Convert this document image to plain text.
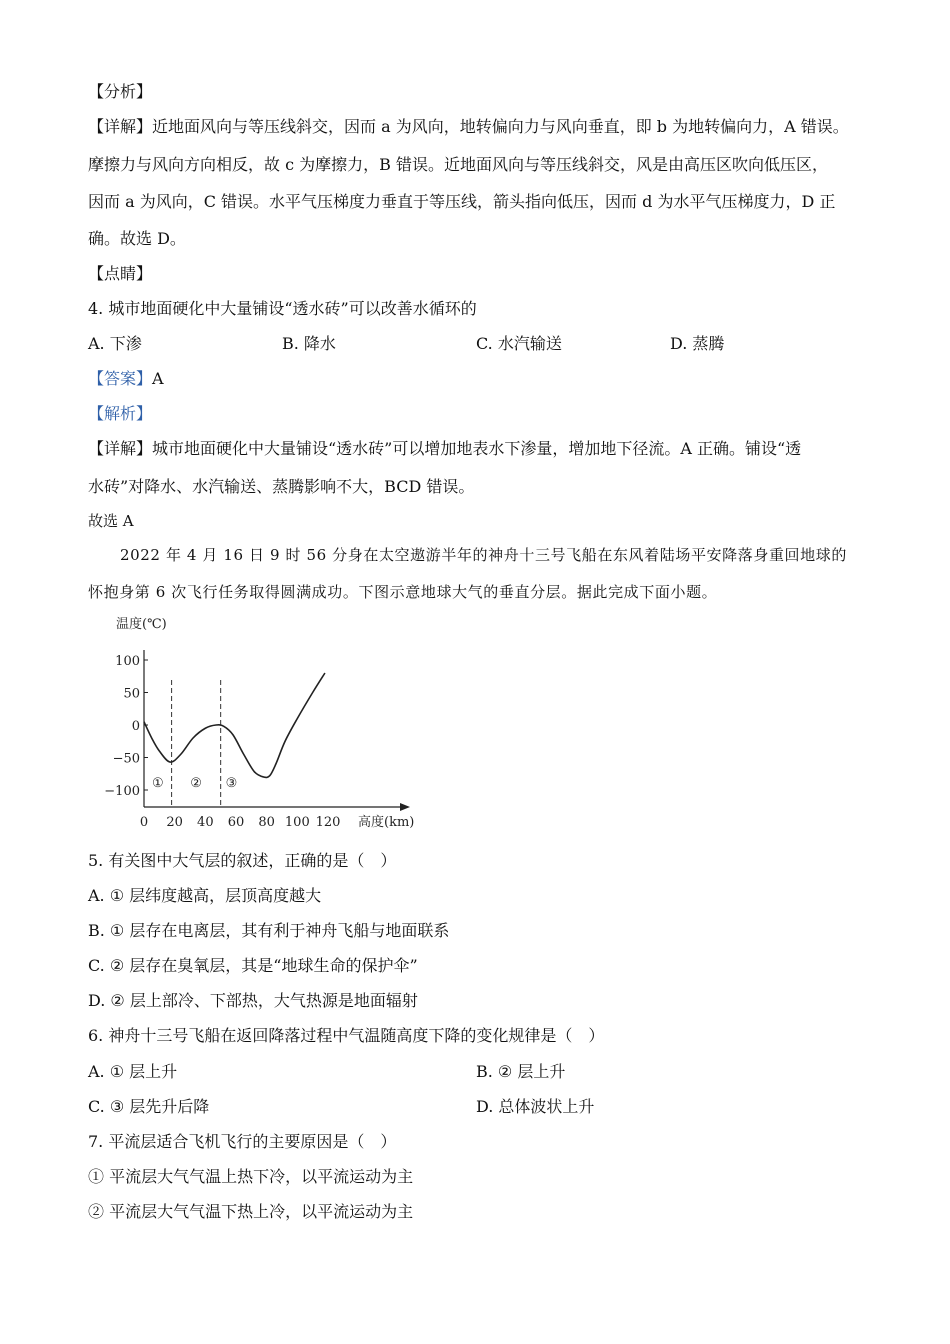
【分析】
【详解】近地面风向与等压线斜交，因而 a 为风向，地转偏向力与风向垂直，即 b 为地转偏向力，A 错误。
摩擦力与风向方向相反，故 c 为摩擦力，B 错误。近地面风向与等压线斜交，风是由高压区吹向低压区，
因而 a 为风向，C 错误。水平气压梯度力垂直于等压线，箭头指向低压，因而 d 为水平气压梯度力，D 正
确。故选 D。
【点睛】
4. 城市地面硬化中大量铺设“透水砖”可以改善水循环的
A. 下渗	B. 降水	C. 水汽输送	D. 蒸腾
【答案】A
【解析】
【详解】城市地面硬化中大量铺设“透水砖”可以增加地表水下渗量，增加地下径流。A 正确。铺设“透
水砖”对降水、水汽输送、蒸腾影响不大，BCD 错误。
故选 A
2022 年 4 月 16 日 9 时 56 分身在太空遨游半年的神舟十三号飞船在东风着陆场平安降落身重回地球的
怀抱身第 6 次飞行任务取得圆满成功。下图示意地球大气的垂直分层。据此完成下面小题。
温度(℃)
高度(km)
100
50
0
−50
−100
0 20 40 60 80 100 120
① ② ③
5. 有关图中大气层的叙述，正确的是（　）
A. ① 层纬度越高，层顶高度越大
B. ① 层存在电离层，其有利于神舟飞船与地面联系
C. ② 层存在臭氧层，其是“地球生命的保护伞”
D. ② 层上部冷、下部热，大气热源是地面辐射
6. 神舟十三号飞船在返回降落过程中气温随高度下降的变化规律是（　）
A. ① 层上升	B. ② 层上升
C. ③ 层先升后降	D. 总体波状上升
7. 平流层适合飞机飞行的主要原因是（　）
① 平流层大气气温上热下冷，以平流运动为主
② 平流层大气气温下热上冷，以平流运动为主
